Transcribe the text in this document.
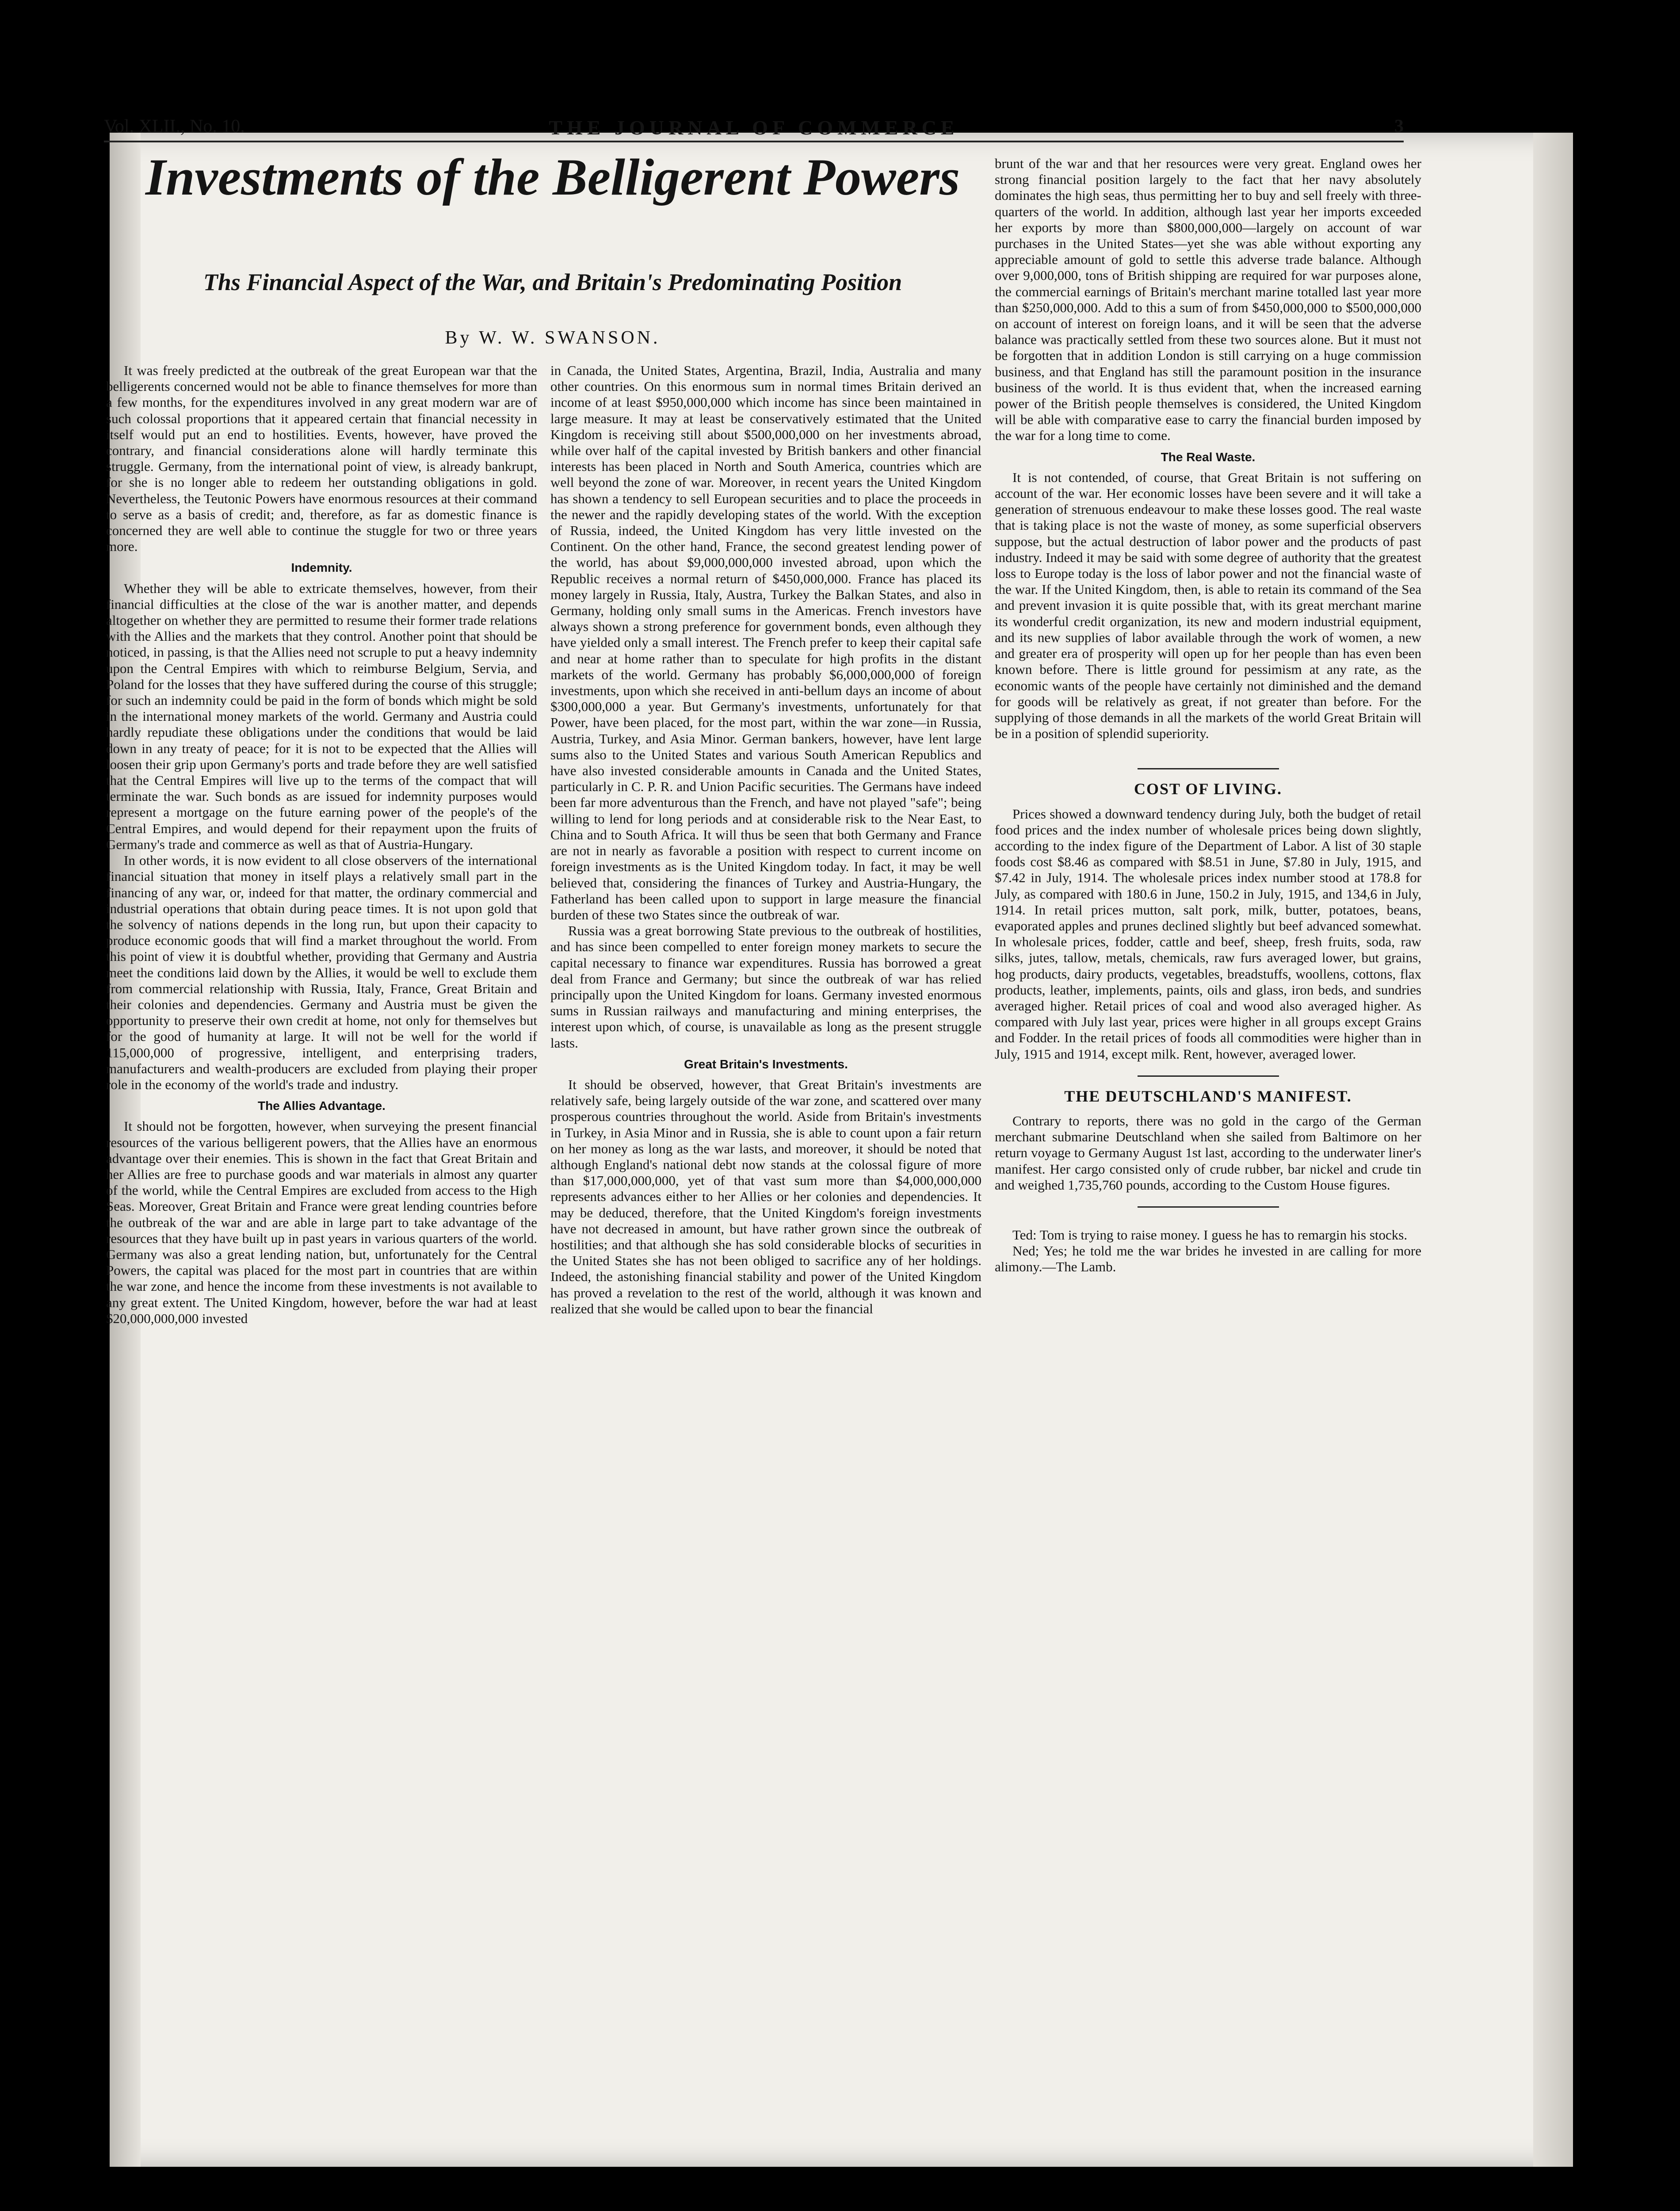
Vol. XLII., No. 10.	THE JOURNAL OF COMMERCE	3
Investments of the Belligerent Powers
Ths Financial Aspect of the War, and Britain's Predominating Position
By W. W. SWANSON.

It was freely predicted at the outbreak of the great European war that the belligerents concerned would not be able to finance themselves for more than a few months, for the expenditures involved in any great modern war are of such colossal proportions that it appeared certain that financial necessity in itself would put an end to hostilities. Events, however, have proved the contrary, and financial considerations alone will hardly terminate this struggle. Germany, from the international point of view, is already bankrupt, for she is no longer able to redeem her outstanding obligations in gold. Nevertheless, the Teutonic Powers have enormous resources at their command to serve as a basis of credit; and, therefore, as far as domestic finance is concerned they are well able to continue the stuggle for two or three years more.

Indemnity.

Whether they will be able to extricate themselves, however, from their financial difficulties at the close of the war is another matter, and depends altogether on whether they are permitted to resume their former trade relations with the Allies and the markets that they control. Another point that should be noticed, in passing, is that the Allies need not scruple to put a heavy indemnity upon the Central Empires with which to reimburse Belgium, Servia, and Poland for the losses that they have suffered during the course of this struggle; for such an indemnity could be paid in the form of bonds which might be sold in the international money markets of the world. Germany and Austria could hardly repudiate these obligations under the conditions that would be laid down in any treaty of peace; for it is not to be expected that the Allies will loosen their grip upon Germany's ports and trade before they are well satisfied that the Central Empires will live up to the terms of the compact that will terminate the war. Such bonds as are issued for indemnity purposes would represent a mortgage on the future earning power of the people's of the Central Empires, and would depend for their repayment upon the fruits of Germany's trade and commerce as well as that of Austria-Hungary.

In other words, it is now evident to all close observers of the international financial situation that money in itself plays a relatively small part in the financing of any war, or, indeed for that matter, the ordinary commercial and industrial operations that obtain during peace times. It is not upon gold that the solvency of nations depends in the long run, but upon their capacity to produce economic goods that will find a market throughout the world. From this point of view it is doubtful whether, providing that Germany and Austria meet the conditions laid down by the Allies, it would be well to exclude them from commercial relationship with Russia, Italy, France, Great Britain and their colonies and dependencies. Germany and Austria must be given the opportunity to preserve their own credit at home, not only for themselves but for the good of humanity at large. It will not be well for the world if 115,000,000 of progressive, intelligent, and enterprising traders, manufacturers and wealth-producers are excluded from playing their proper role in the economy of the world's trade and industry.

The Allies Advantage.

It should not be forgotten, however, when surveying the present financial resources of the various belligerent powers, that the Allies have an enormous advantage over their enemies. This is shown in the fact that Great Britain and her Allies are free to purchase goods and war materials in almost any quarter of the world, while the Central Empires are excluded from access to the High Seas. Moreover, Great Britain and France were great lending countries before the outbreak of the war and are able in large part to take advantage of the resources that they have built up in past years in various quarters of the world. Germany was also a great lending nation, but, unfortunately for the Central Powers, the capital was placed for the most part in countries that are within the war zone, and hence the income from these investments is not available to any great extent. The United Kingdom, however, before the war had at least $20,000,000,000 invested

in Canada, the United States, Argentina, Brazil, India, Australia and many other countries. On this enormous sum in normal times Britain derived an income of at least $950,000,000 which income has since been maintained in large measure. It may at least be conservatively estimated that the United Kingdom is receiving still about $500,000,000 on her investments abroad, while over half of the capital invested by British bankers and other financial interests has been placed in North and South America, countries which are well beyond the zone of war. Moreover, in recent years the United Kingdom has shown a tendency to sell European securities and to place the proceeds in the newer and the rapidly developing states of the world. With the exception of Russia, indeed, the United Kingdom has very little invested on the Continent. On the other hand, France, the second greatest lending power of the world, has about $9,000,000,000 invested abroad, upon which the Republic receives a normal return of $450,000,000. France has placed its money largely in Russia, Italy, Austra, Turkey the Balkan States, and also in Germany, holding only small sums in the Americas. French investors have always shown a strong preference for government bonds, even although they have yielded only a small interest. The French prefer to keep their capital safe and near at home rather than to speculate for high profits in the distant markets of the world. Germany has probably $6,000,000,000 of foreign investments, upon which she received in anti-bellum days an income of about $300,000,000 a year. But Germany's investments, unfortunately for that Power, have been placed, for the most part, within the war zone—in Russia, Austria, Turkey, and Asia Minor. German bankers, however, have lent large sums also to the United States and various South American Republics and have also invested considerable amounts in Canada and the United States, particularly in C. P. R. and Union Pacific securities. The Germans have indeed been far more adventurous than the French, and have not played "safe"; being willing to lend for long periods and at considerable risk to the Near East, to China and to South Africa. It will thus be seen that both Germany and France are not in nearly as favorable a position with respect to current income on foreign investments as is the United Kingdom today. In fact, it may be well believed that, considering the finances of Turkey and Austria-Hungary, the Fatherland has been called upon to support in large measure the financial burden of these two States since the outbreak of war.

Russia was a great borrowing State previous to the outbreak of hostilities, and has since been compelled to enter foreign money markets to secure the capital necessary to finance war expenditures. Russia has borrowed a great deal from France and Germany; but since the outbreak of war has relied principally upon the United Kingdom for loans. Germany invested enormous sums in Russian railways and manufacturing and mining enterprises, the interest upon which, of course, is unavailable as long as the present struggle lasts.

Great Britain's Investments.

It should be observed, however, that Great Britain's investments are relatively safe, being largely outside of the war zone, and scattered over many prosperous countries throughout the world. Aside from Britain's investments in Turkey, in Asia Minor and in Russia, she is able to count upon a fair return on her money as long as the war lasts, and moreover, it should be noted that although England's national debt now stands at the colossal figure of more than $17,000,000,000, yet of that vast sum more than $4,000,000,000 represents advances either to her Allies or her colonies and dependencies. It may be deduced, therefore, that the United Kingdom's foreign investments have not decreased in amount, but have rather grown since the outbreak of hostilities; and that although she has sold considerable blocks of securities in the United States she has not been obliged to sacrifice any of her holdings. Indeed, the astonishing financial stability and power of the United Kingdom has proved a revelation to the rest of the world, although it was known and realized that she would be called upon to bear the financial

brunt of the war and that her resources were very great. England owes her strong financial position largely to the fact that her navy absolutely dominates the high seas, thus permitting her to buy and sell freely with three-quarters of the world. In addition, although last year her imports exceeded her exports by more than $800,000,000—largely on account of war purchases in the United States—yet she was able without exporting any appreciable amount of gold to settle this adverse trade balance. Although over 9,000,000, tons of British shipping are required for war purposes alone, the commercial earnings of Britain's merchant marine totalled last year more than $250,000,000. Add to this a sum of from $450,000,000 to $500,000,000 on account of interest on foreign loans, and it will be seen that the adverse balance was practically settled from these two sources alone. But it must not be forgotten that in addition London is still carrying on a huge commission business, and that England has still the paramount position in the insurance business of the world. It is thus evident that, when the increased earning power of the British people themselves is considered, the United Kingdom will be able with comparative ease to carry the financial burden imposed by the war for a long time to come.

The Real Waste.

It is not contended, of course, that Great Britain is not suffering on account of the war. Her economic losses have been severe and it will take a generation of strenuous endeavour to make these losses good. The real waste that is taking place is not the waste of money, as some superficial observers suppose, but the actual destruction of labor power and the products of past industry. Indeed it may be said with some degree of authority that the greatest loss to Europe today is the loss of labor power and not the financial waste of the war. If the United Kingdom, then, is able to retain its command of the Sea and prevent invasion it is quite possible that, with its great merchant marine its wonderful credit organization, its new and modern industrial equipment, and its new supplies of labor available through the work of women, a new and greater era of prosperity will open up for her people than has even been known before. There is little ground for pessimism at any rate, as the economic wants of the people have certainly not diminished and the demand for goods will be relatively as great, if not greater than before. For the supplying of those demands in all the markets of the world Great Britain will be in a position of splendid superiority.

COST OF LIVING.

Prices showed a downward tendency during July, both the budget of retail food prices and the index number of wholesale prices being down slightly, according to the index figure of the Department of Labor. A list of 30 staple foods cost $8.46 as compared with $8.51 in June, $7.80 in July, 1915, and $7.42 in July, 1914. The wholesale prices index number stood at 178.8 for July, as compared with 180.6 in June, 150.2 in July, 1915, and 134,6 in July, 1914. In retail prices mutton, salt pork, milk, butter, potatoes, beans, evaporated apples and prunes declined slightly but beef advanced somewhat. In wholesale prices, fodder, cattle and beef, sheep, fresh fruits, soda, raw silks, jutes, tallow, metals, chemicals, raw furs averaged lower, but grains, hog products, dairy products, vegetables, breadstuffs, woollens, cottons, flax products, leather, implements, paints, oils and glass, iron beds, and sundries averaged higher. Retail prices of coal and wood also averaged higher. As compared with July last year, prices were higher in all groups except Grains and Fodder. In the retail prices of foods all commodities were higher than in July, 1915 and 1914, except milk. Rent, however, averaged lower.

THE DEUTSCHLAND'S MANIFEST.

Contrary to reports, there was no gold in the cargo of the German merchant submarine Deutschland when she sailed from Baltimore on her return voyage to Germany August 1st last, according to the underwater liner's manifest. Her cargo consisted only of crude rubber, bar nickel and crude tin and weighed 1,735,760 pounds, according to the Custom House figures.

Ted: Tom is trying to raise money. I guess he has to remargin his stocks.

Ned; Yes; he told me the war brides he invested in are calling for more alimony.—The Lamb.
